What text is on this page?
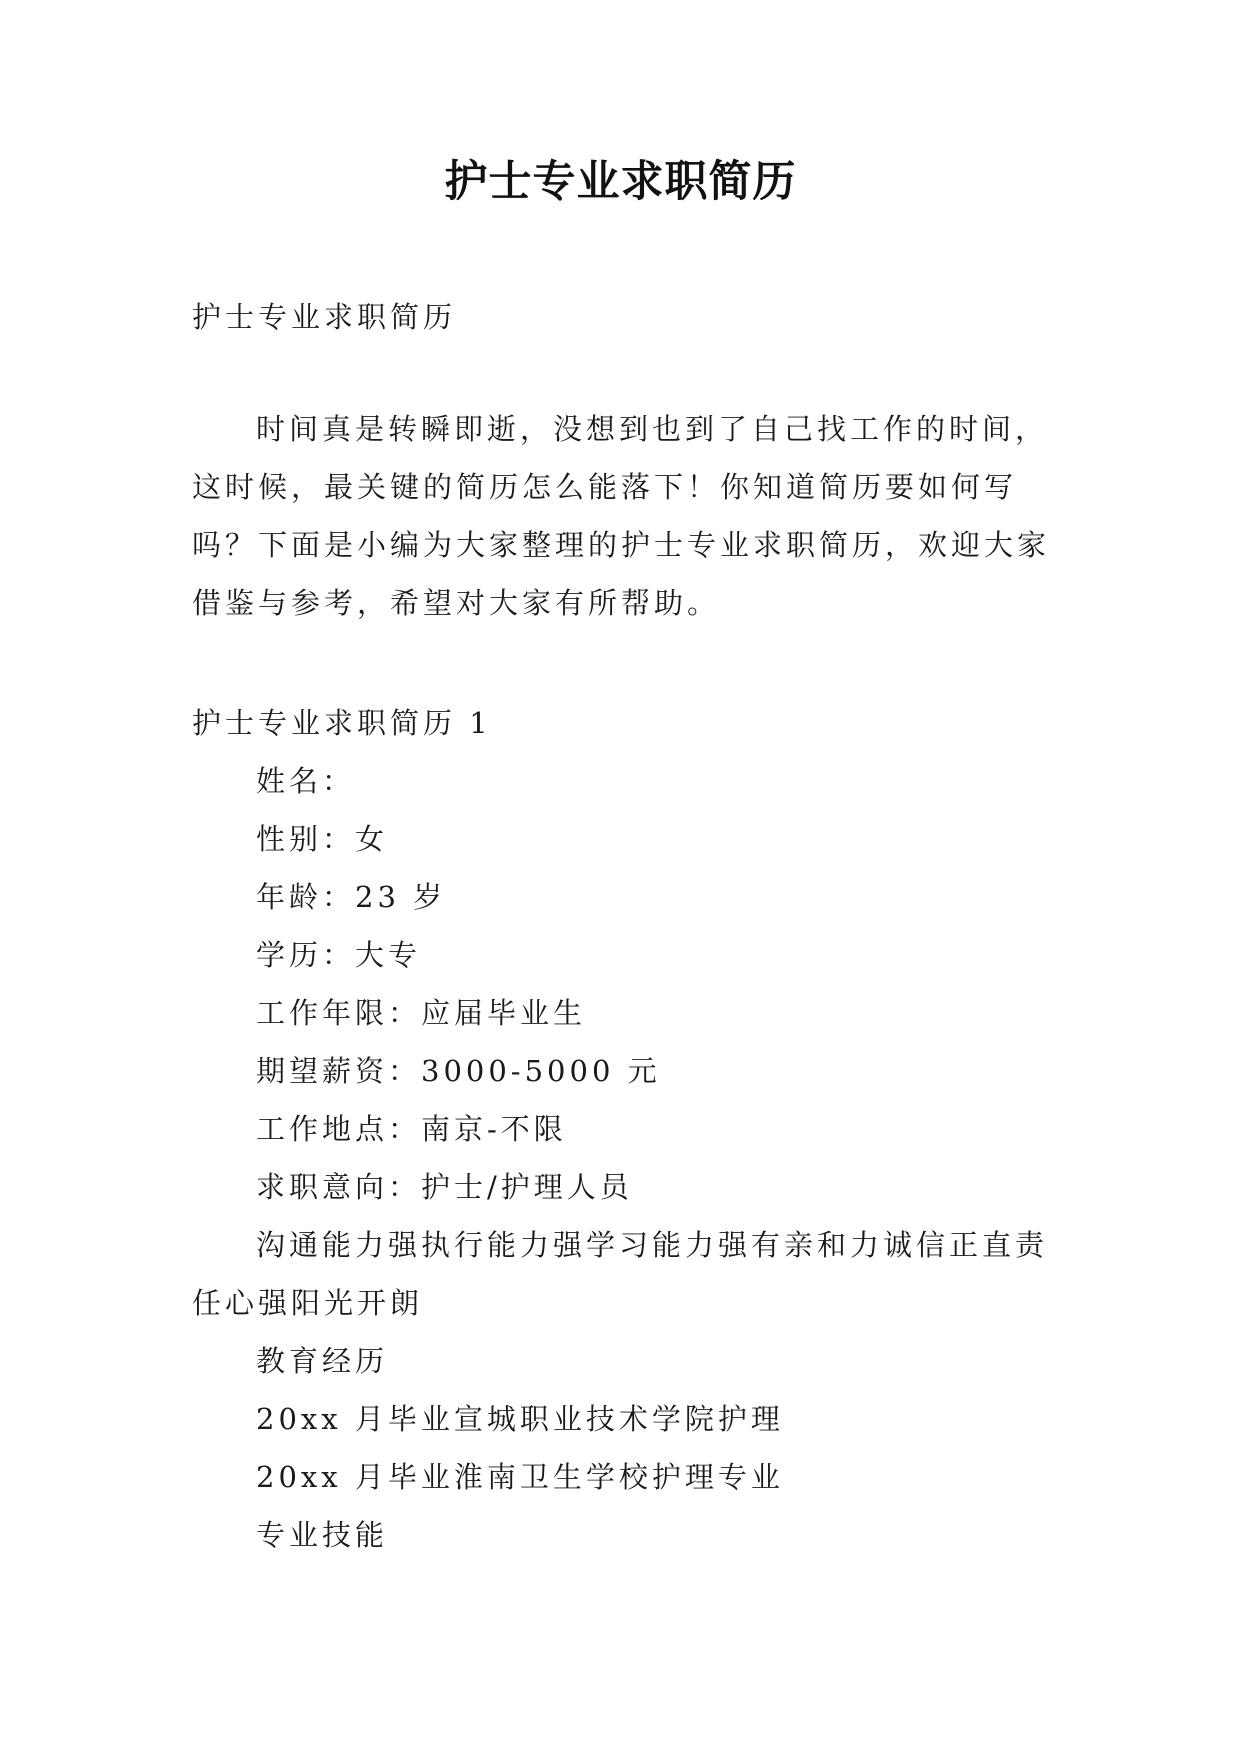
护士专业求职简历
护士专业求职简历
时间真是转瞬即逝，没想到也到了自己找工作的时间，这时候，最关键的简历怎么能落下！你知道简历要如何写吗？下面是小编为大家整理的护士专业求职简历，欢迎大家借鉴与参考，希望对大家有所帮助。

护士专业求职简历 1

姓名：

性别：女

年龄：23 岁

学历：大专

工作年限：应届毕业生

期望薪资：3000-5000 元

工作地点：南京-不限

求职意向：护士/护理人员

沟通能力强执行能力强学习能力强有亲和力诚信正直责任心强阳光开朗

教育经历

20xx 月毕业宣城职业技术学院护理

20xx 月毕业淮南卫生学校护理专业

专业技能
